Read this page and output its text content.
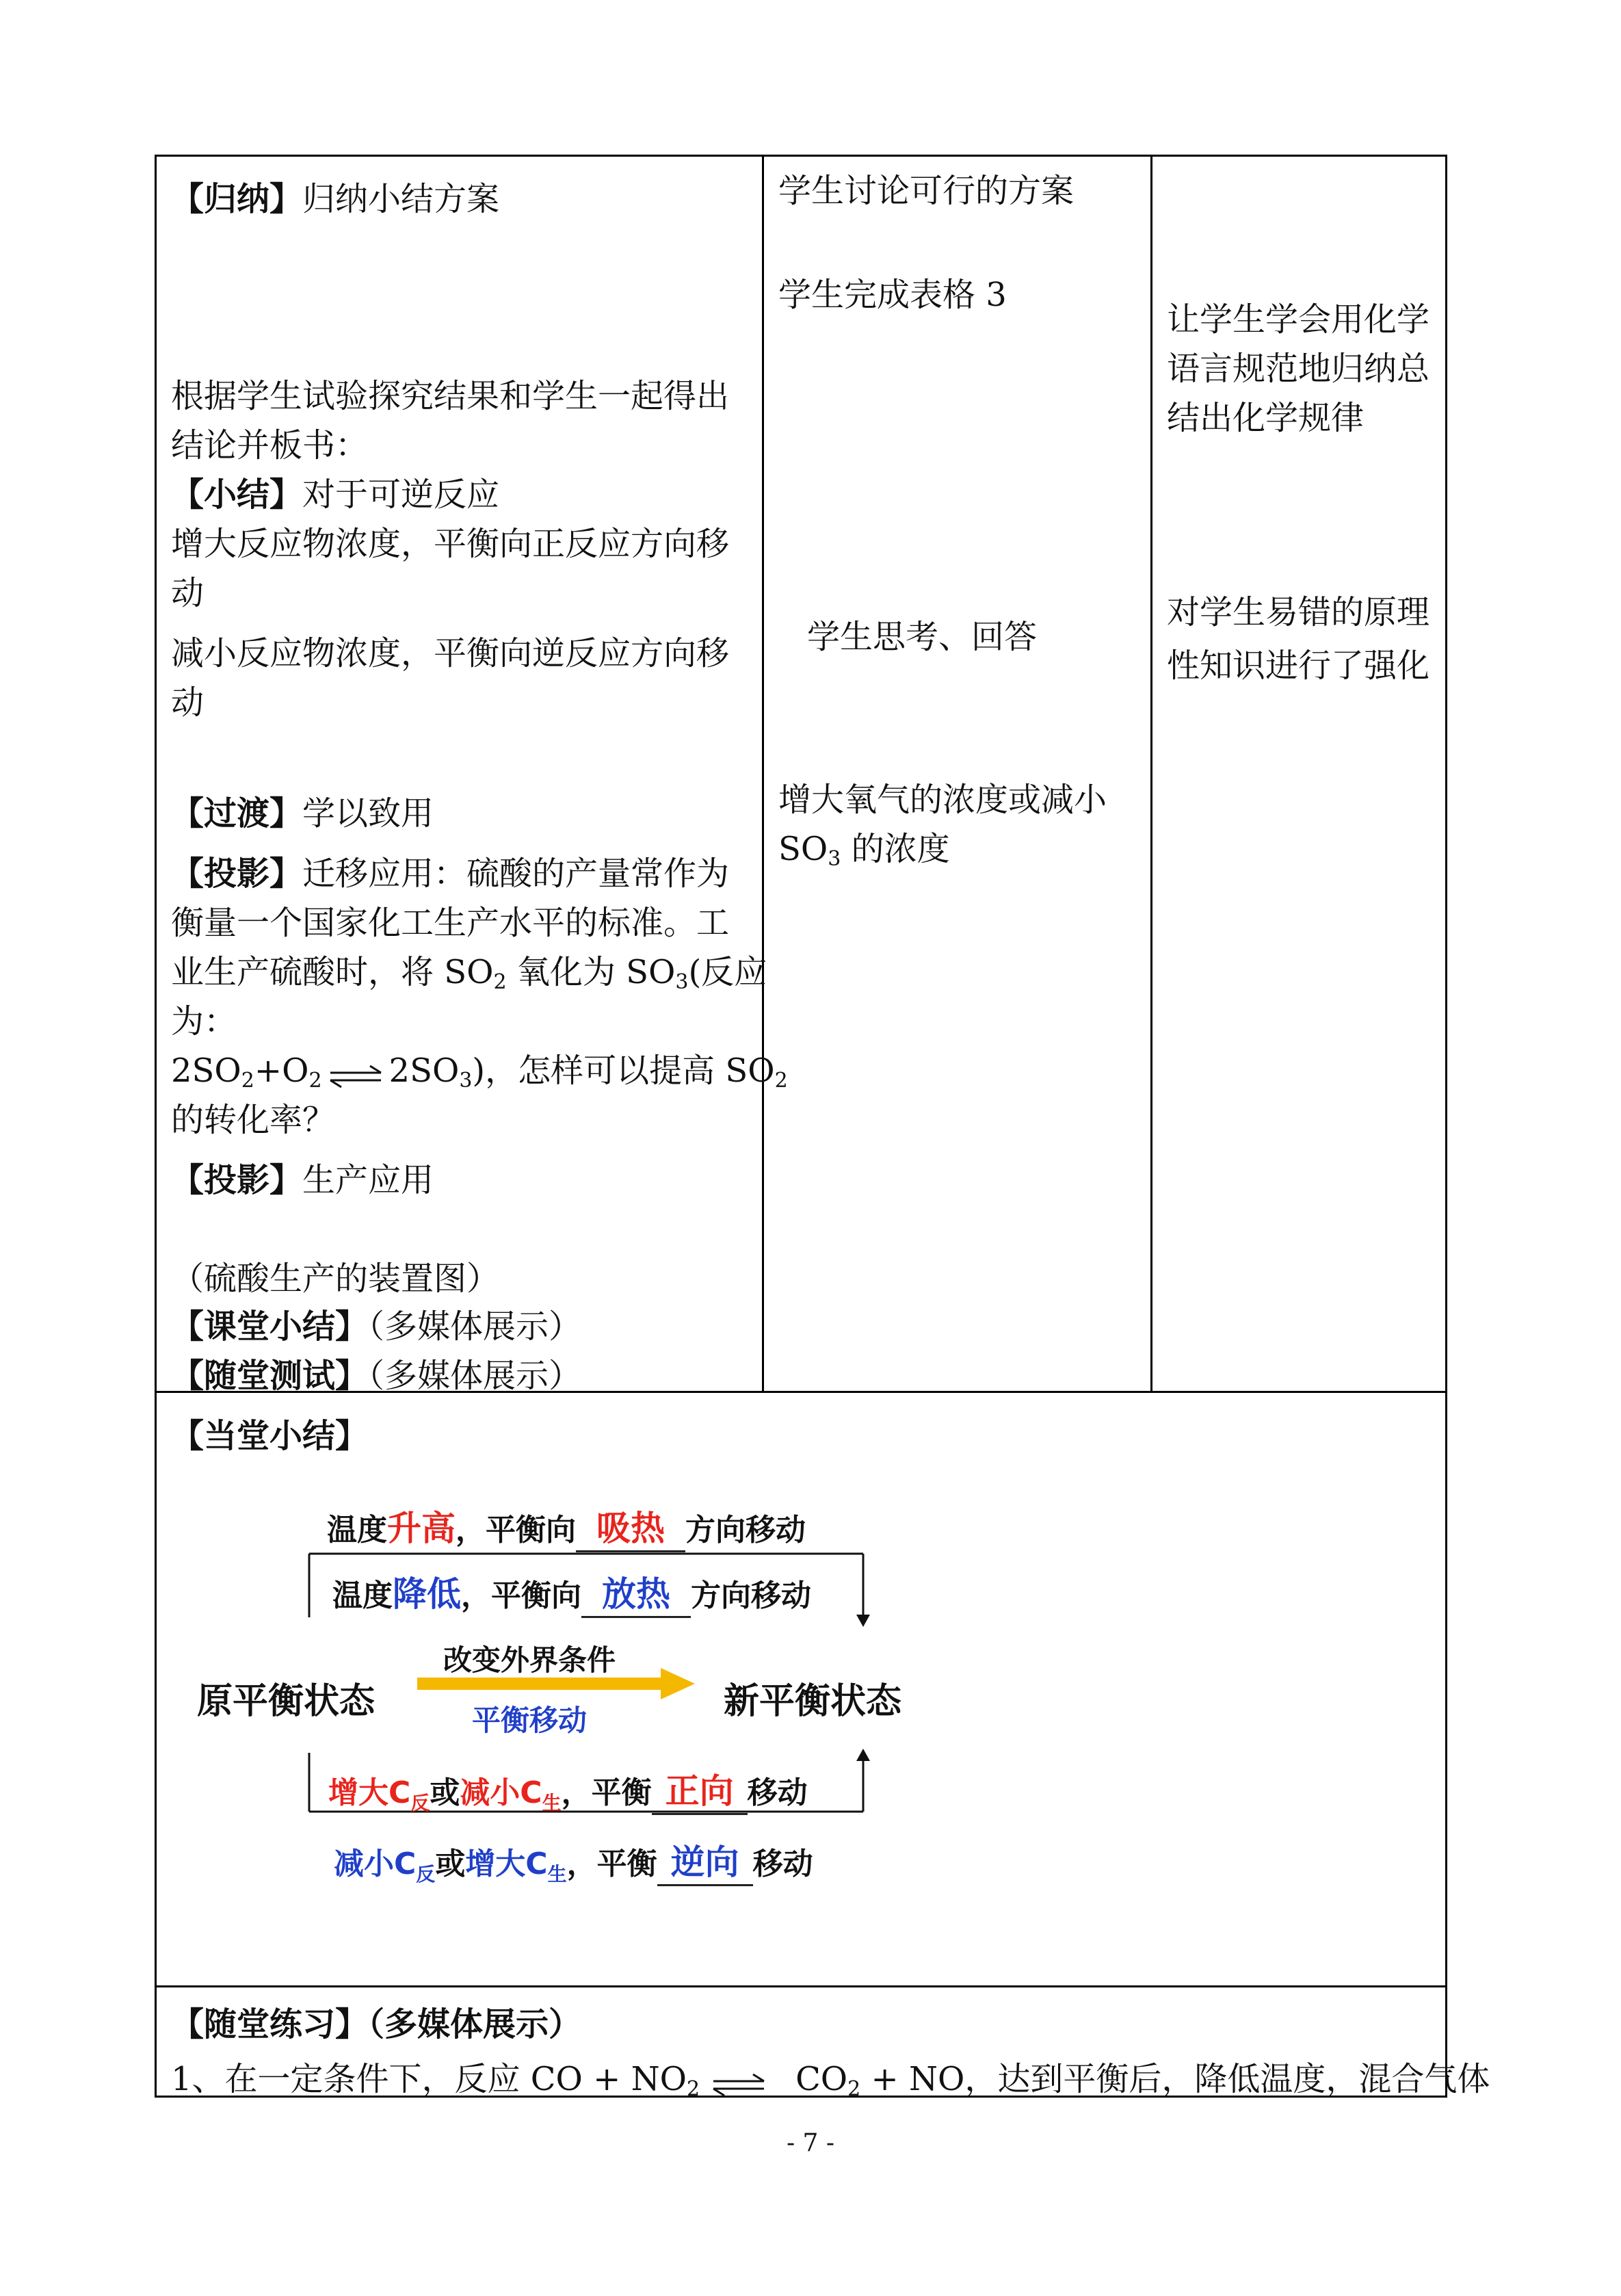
【归纳】归纳小结方案
根据学生试验探究结果和学生一起得出
结论并板书：
【小结】对于可逆反应
增大反应物浓度，平衡向正反应方向移
动
减小反应物浓度，平衡向逆反应方向移
动
【过渡】学以致用
【投影】迁移应用：硫酸的产量常作为
衡量一个国家化工生产水平的标准。工
业生产硫酸时，将 $SO_2$ 氧化为 $SO_3$(反应
为：
$2SO_2+O_2$ ⇌ $2SO_3$)，怎样可以提高 $SO_2$
的转化率？
【投影】生产应用
（硫酸生产的装置图）
【课堂小结】（多媒体展示）
【随堂测试】（多媒体展示）
学生讨论可行的方案
学生完成表格 3
学生思考、回答
增大氧气的浓度或减小
$SO_3$ 的浓度
让学生学会用化学
语言规范地归纳总
结出化学规律
对学生易错的原理
性知识进行了强化
【当堂小结】
温度升高，平衡向 吸热 方向移动
温度降低，平衡向 放热 方向移动
原平衡状态
改变外界条件
平衡移动	新平衡状态
增大$C_反$或减小$C_生$，平衡 正向 移动
减小$C_反$或增大$C_生$，平衡 逆向 移动
【随堂练习】（多媒体展示）
1、在一定条件下，反应 CO + $NO_2$ ⇌ $CO_2$ + NO，达到平衡后，降低温度，混合气体
- 7 -
